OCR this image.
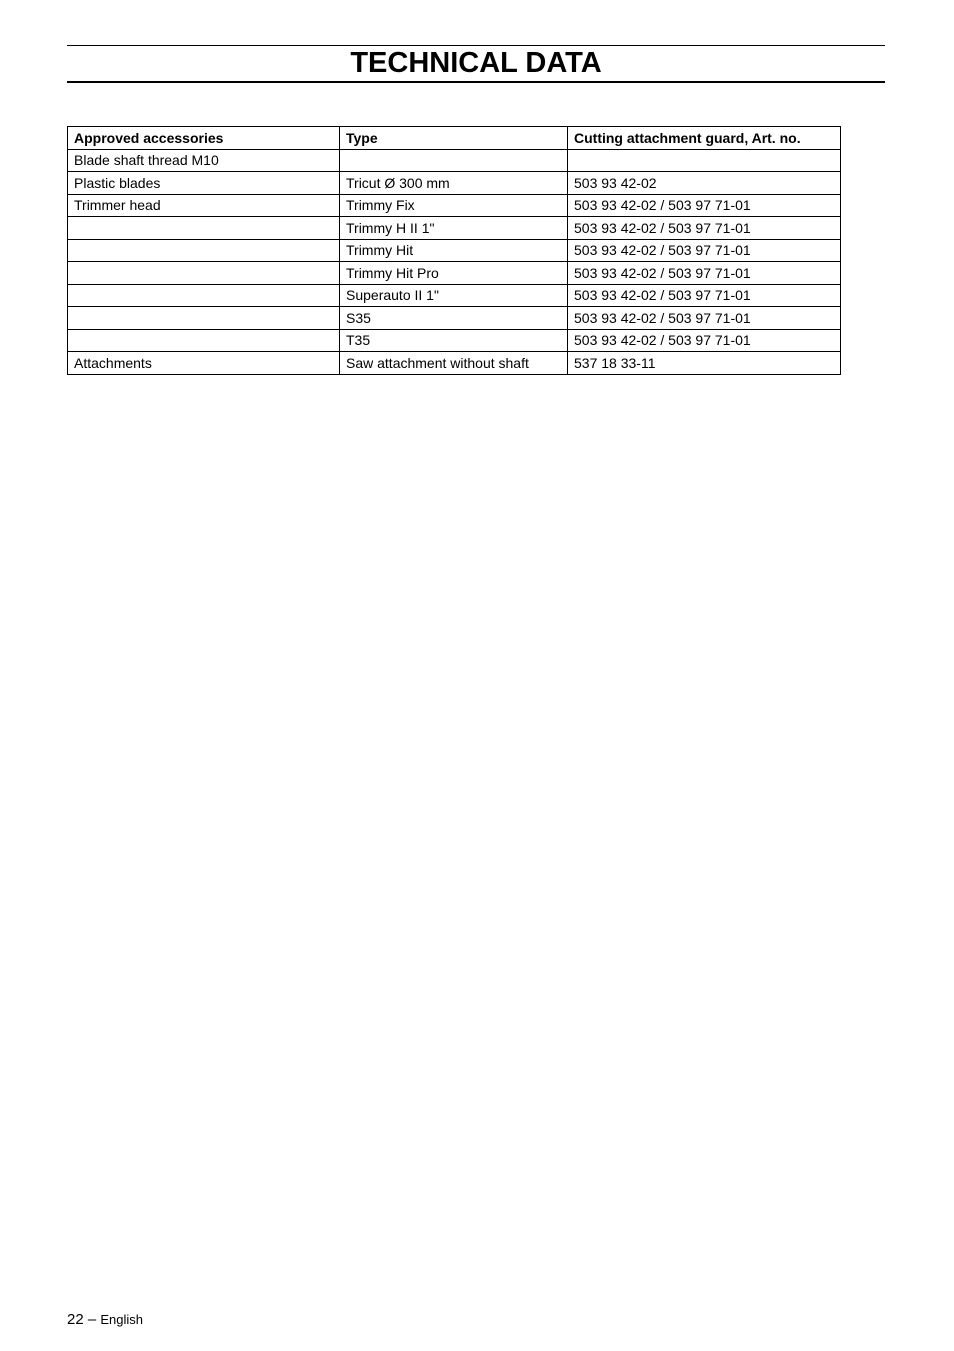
TECHNICAL DATA
Approved accessories	Type	Cutting attachment guard, Art. no.
Blade shaft thread M10		
Plastic blades	Tricut Ø 300 mm	503 93 42-02
Trimmer head	Trimmy Fix	503 93 42-02 / 503 97 71-01
	Trimmy H II 1"	503 93 42-02 / 503 97 71-01
	Trimmy Hit	503 93 42-02 / 503 97 71-01
	Trimmy Hit Pro	503 93 42-02 / 503 97 71-01
	Superauto II 1"	503 93 42-02 / 503 97 71-01
	S35	503 93 42-02 / 503 97 71-01
	T35	503 93 42-02 / 503 97 71-01
Attachments	Saw attachment without shaft	537 18 33-11
22 – English
